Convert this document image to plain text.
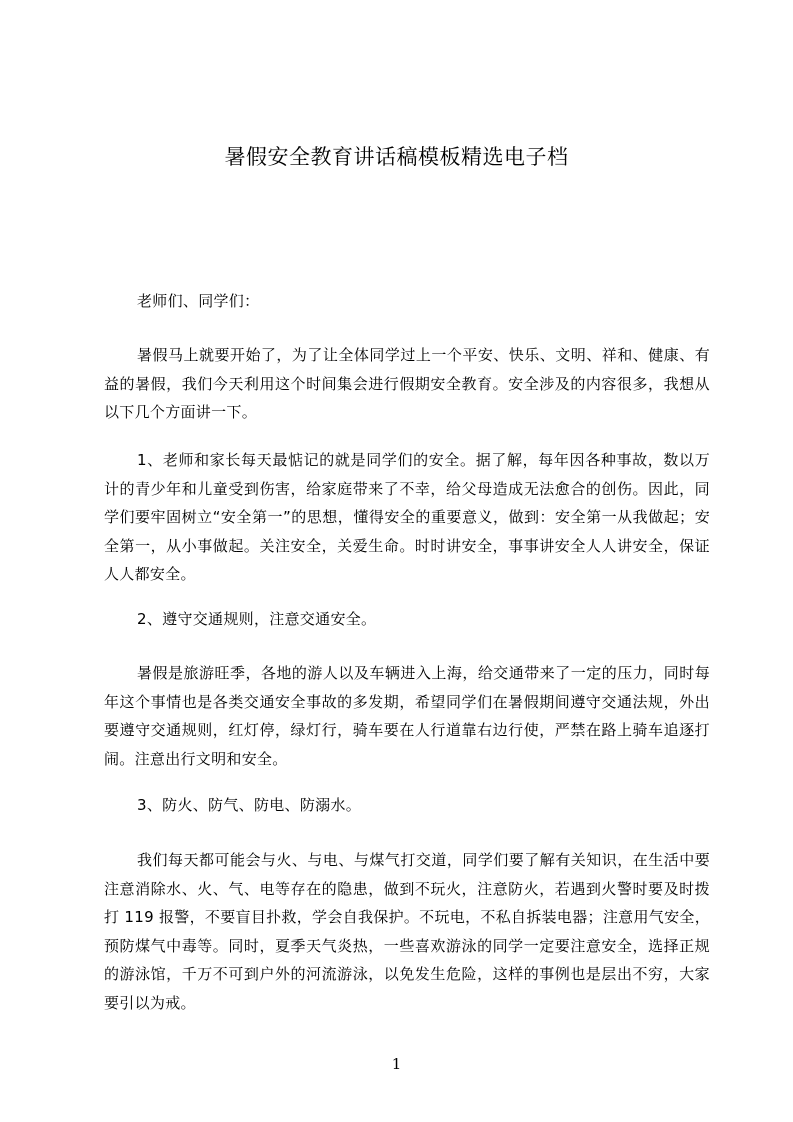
暑假安全教育讲话稿模板精选电子档

老师们、同学们：

暑假马上就要开始了，为了让全体同学过上一个平安、快乐、文明、祥和、健康、有益的暑假，我们今天利用这个时间集会进行假期安全教育。安全涉及的内容很多，我想从以下几个方面讲一下。

1、老师和家长每天最惦记的就是同学们的安全。据了解，每年因各种事故，数以万计的青少年和儿童受到伤害，给家庭带来了不幸，给父母造成无法愈合的创伤。因此，同学们要牢固树立“安全第一”的思想，懂得安全的重要意义，做到：安全第一从我做起；安全第一，从小事做起。关注安全，关爱生命。时时讲安全，事事讲安全人人讲安全，保证人人都安全。

2、遵守交通规则，注意交通安全。

暑假是旅游旺季，各地的游人以及车辆进入上海，给交通带来了一定的压力，同时每年这个事情也是各类交通安全事故的多发期，希望同学们在暑假期间遵守交通法规，外出要遵守交通规则，红灯停，绿灯行，骑车要在人行道靠右边行使，严禁在路上骑车追逐打闹。注意出行文明和安全。

3、防火、防气、防电、防溺水。

我们每天都可能会与火、与电、与煤气打交道，同学们要了解有关知识，在生活中要注意消除水、火、气、电等存在的隐患，做到不玩火，注意防火，若遇到火警时要及时拨打 119 报警，不要盲目扑救，学会自我保护。不玩电，不私自拆装电器；注意用气安全，预防煤气中毒等。同时，夏季天气炎热，一些喜欢游泳的同学一定要注意安全，选择正规的游泳馆，千万不可到户外的河流游泳，以免发生危险，这样的事例也是层出不穷，大家要引以为戒。

1
